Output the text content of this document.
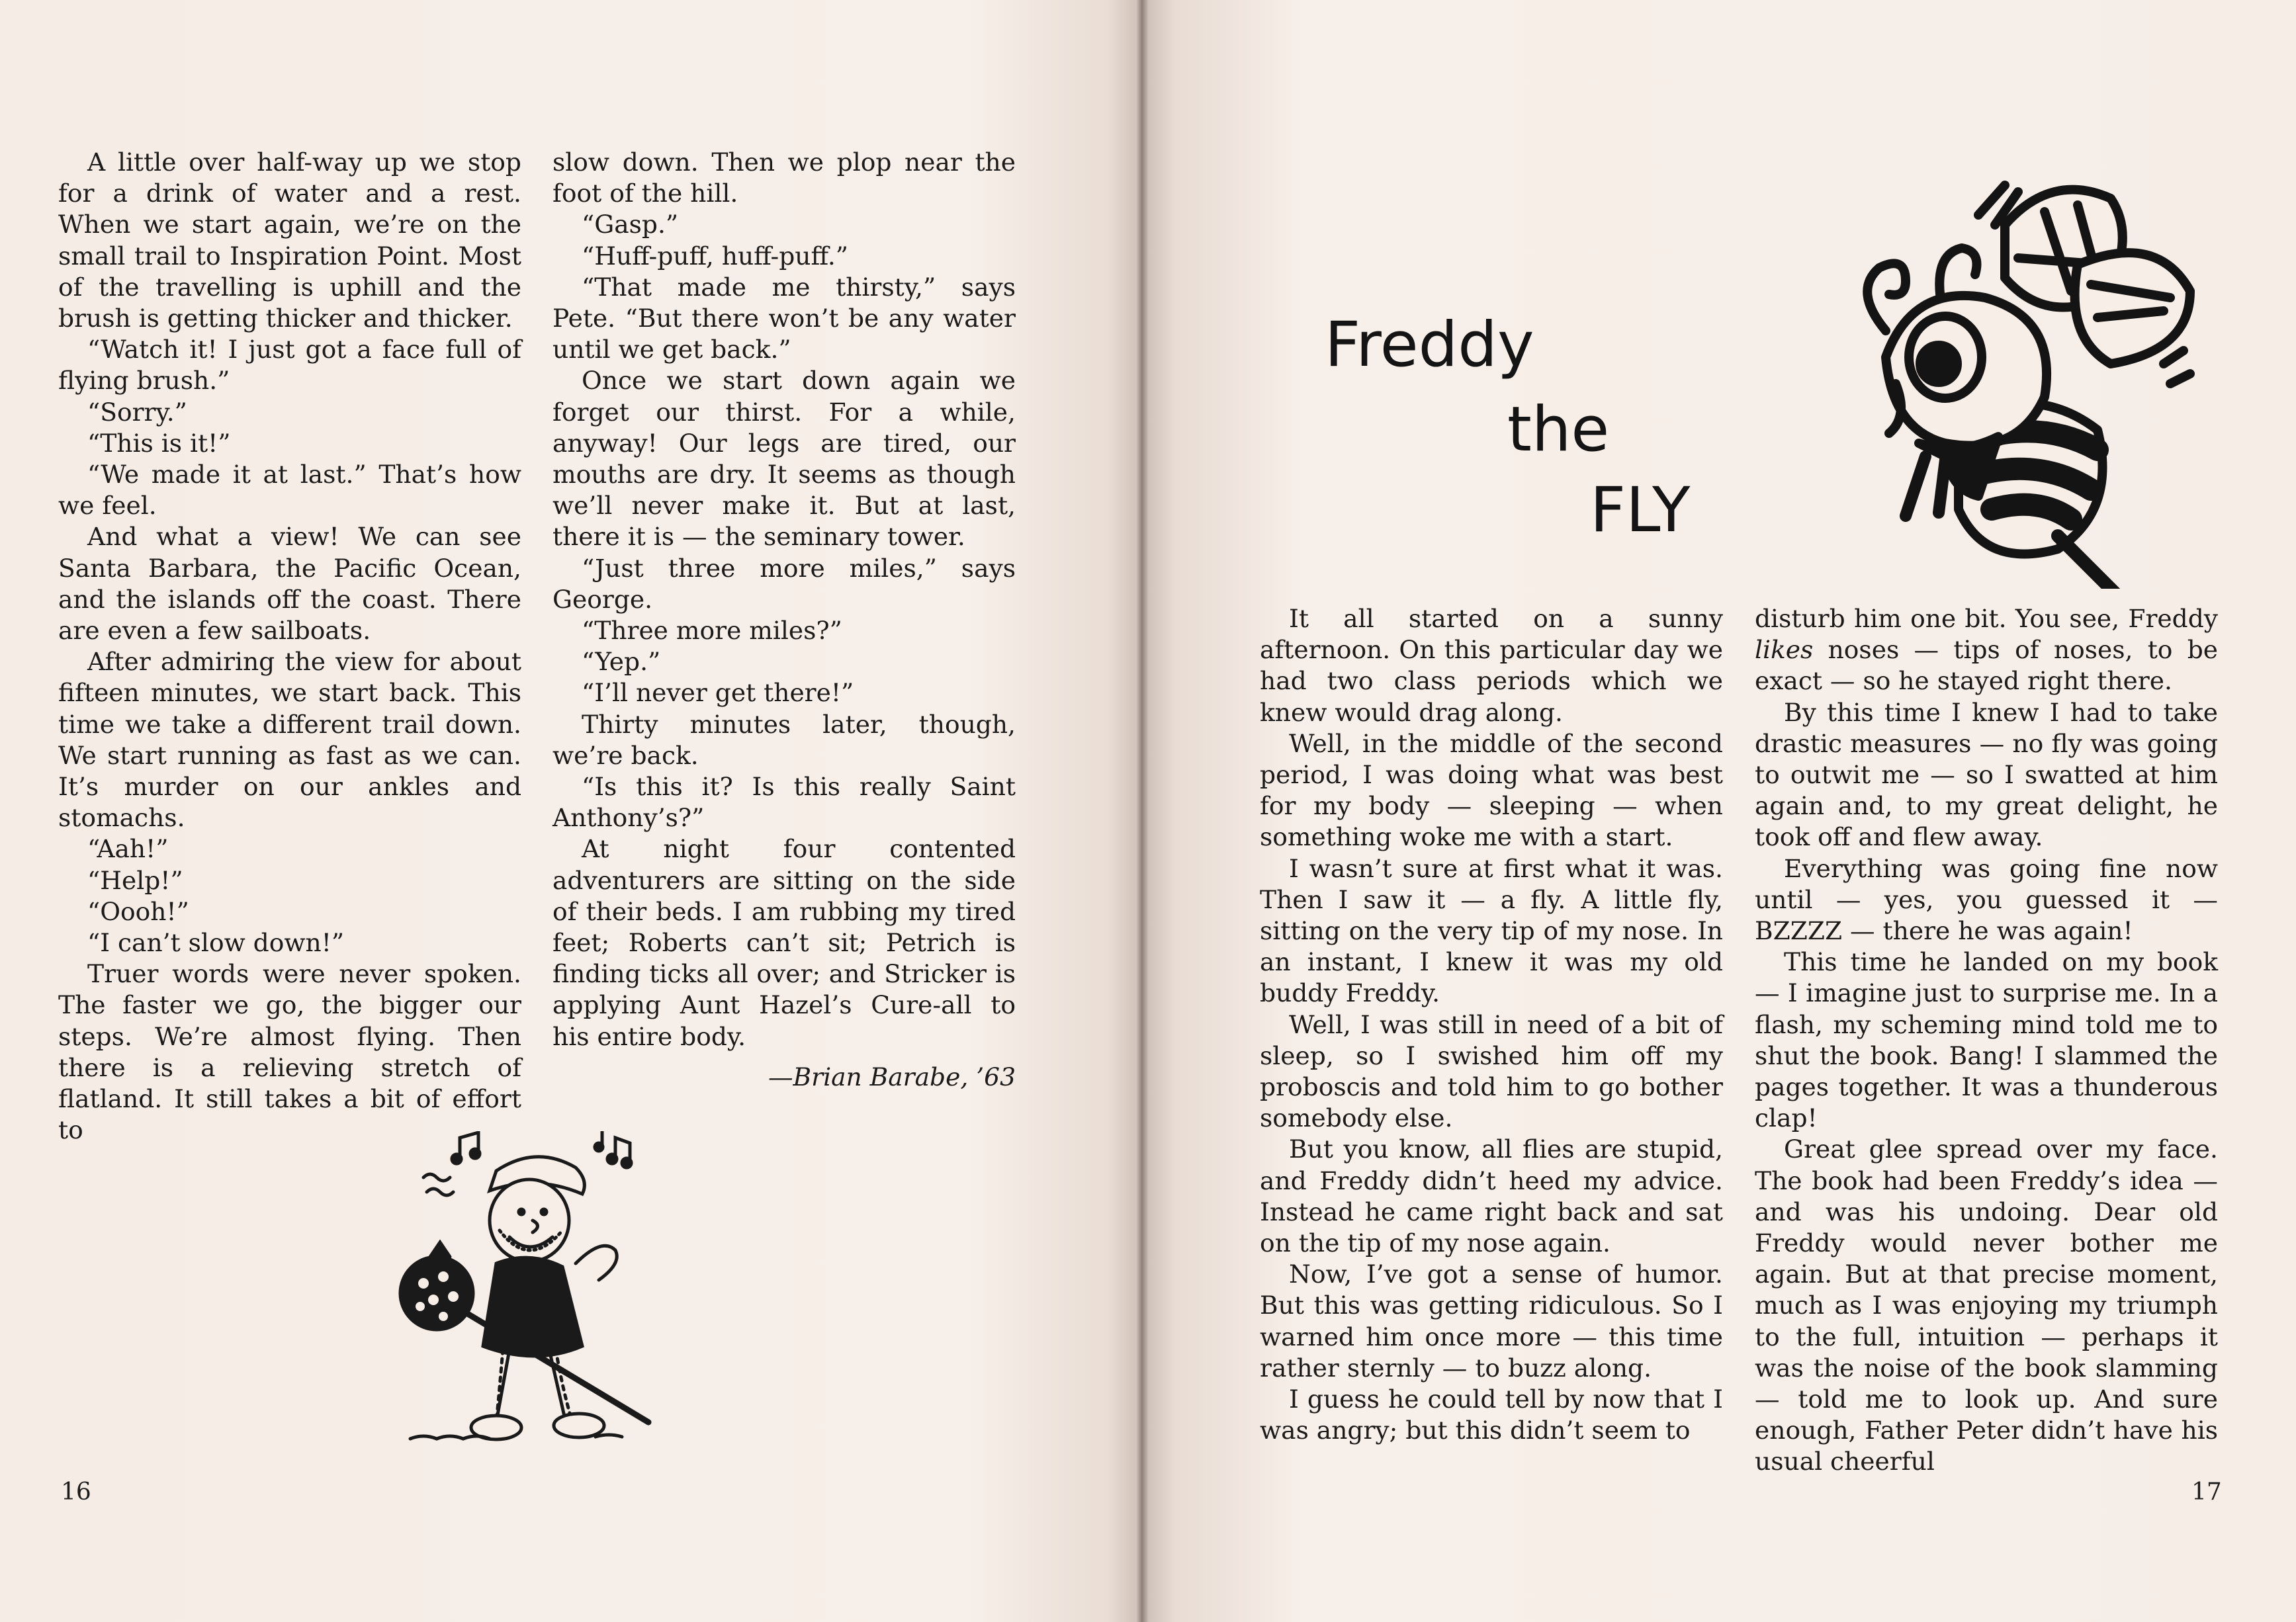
A little over half-way up we stop for a drink of water and a rest. When we start again, we’re on the small trail to Inspiration Point. Most of the travelling is uphill and the brush is getting thicker and thicker.

“Watch it! I just got a face full of flying brush.”

“Sorry.”

“This is it!”

“We made it at last.” That’s how we feel.

And what a view! We can see Santa Barbara, the Pacific Ocean, and the islands off the coast. There are even a few sailboats.

After admiring the view for about fifteen minutes, we start back. This time we take a different trail down. We start running as fast as we can. It’s murder on our ankles and stomachs.

“Aah!”

“Help!”

“Oooh!”

“I can’t slow down!”

Truer words were never spoken. The faster we go, the bigger our steps. We’re almost flying. Then there is a relieving stretch of flatland. It still takes a bit of effort to

slow down. Then we plop near the foot of the hill.

“Gasp.”

“Huff-puff, huff-puff.”

“That made me thirsty,” says Pete. “But there won’t be any water until we get back.”

Once we start down again we forget our thirst. For a while, anyway! Our legs are tired, our mouths are dry. It seems as though we’ll never make it. But at last, there it is — the seminary tower.

“Just three more miles,” says George.

“Three more miles?”

“Yep.”

“I’ll never get there!”

Thirty minutes later, though, we’re back.

“Is this it? Is this really Saint Anthony’s?”

At night four contented adventurers are sitting on the side of their beds. I am rubbing my tired feet; Roberts can’t sit; Petrich is finding ticks all over; and Stricker is applying Aunt Hazel’s Cure-all to his entire body.

—Brian Barabe, ’63

16
Freddy
the
FLY

It all started on a sunny afternoon. On this particular day we had two class periods which we knew would drag along.

Well, in the middle of the second period, I was doing what was best for my body — sleeping — when something woke me with a start.

I wasn’t sure at first what it was. Then I saw it — a fly. A little fly, sitting on the very tip of my nose. In an instant, I knew it was my old buddy Freddy.

Well, I was still in need of a bit of sleep, so I swished him off my proboscis and told him to go bother somebody else.

But you know, all flies are stupid, and Freddy didn’t heed my advice. Instead he came right back and sat on the tip of my nose again.

Now, I’ve got a sense of humor. But this was getting ridiculous. So I warned him once more — this time rather sternly — to buzz along.

I guess he could tell by now that I was angry; but this didn’t seem to

disturb him one bit. You see, Freddy likes noses — tips of noses, to be exact — so he stayed right there.

By this time I knew I had to take drastic measures — no fly was going to outwit me — so I swatted at him again and, to my great delight, he took off and flew away.

Everything was going fine now until — yes, you guessed it — BZZZZ — there he was again!

This time he landed on my book — I imagine just to surprise me. In a flash, my scheming mind told me to shut the book. Bang! I slammed the pages together. It was a thunderous clap!

Great glee spread over my face. The book had been Freddy’s idea — and was his undoing. Dear old Freddy would never bother me again. But at that precise moment, much as I was enjoying my triumph to the full, intuition — perhaps it was the noise of the book slamming — told me to look up. And sure enough, Father Peter didn’t have his usual cheerful

17
